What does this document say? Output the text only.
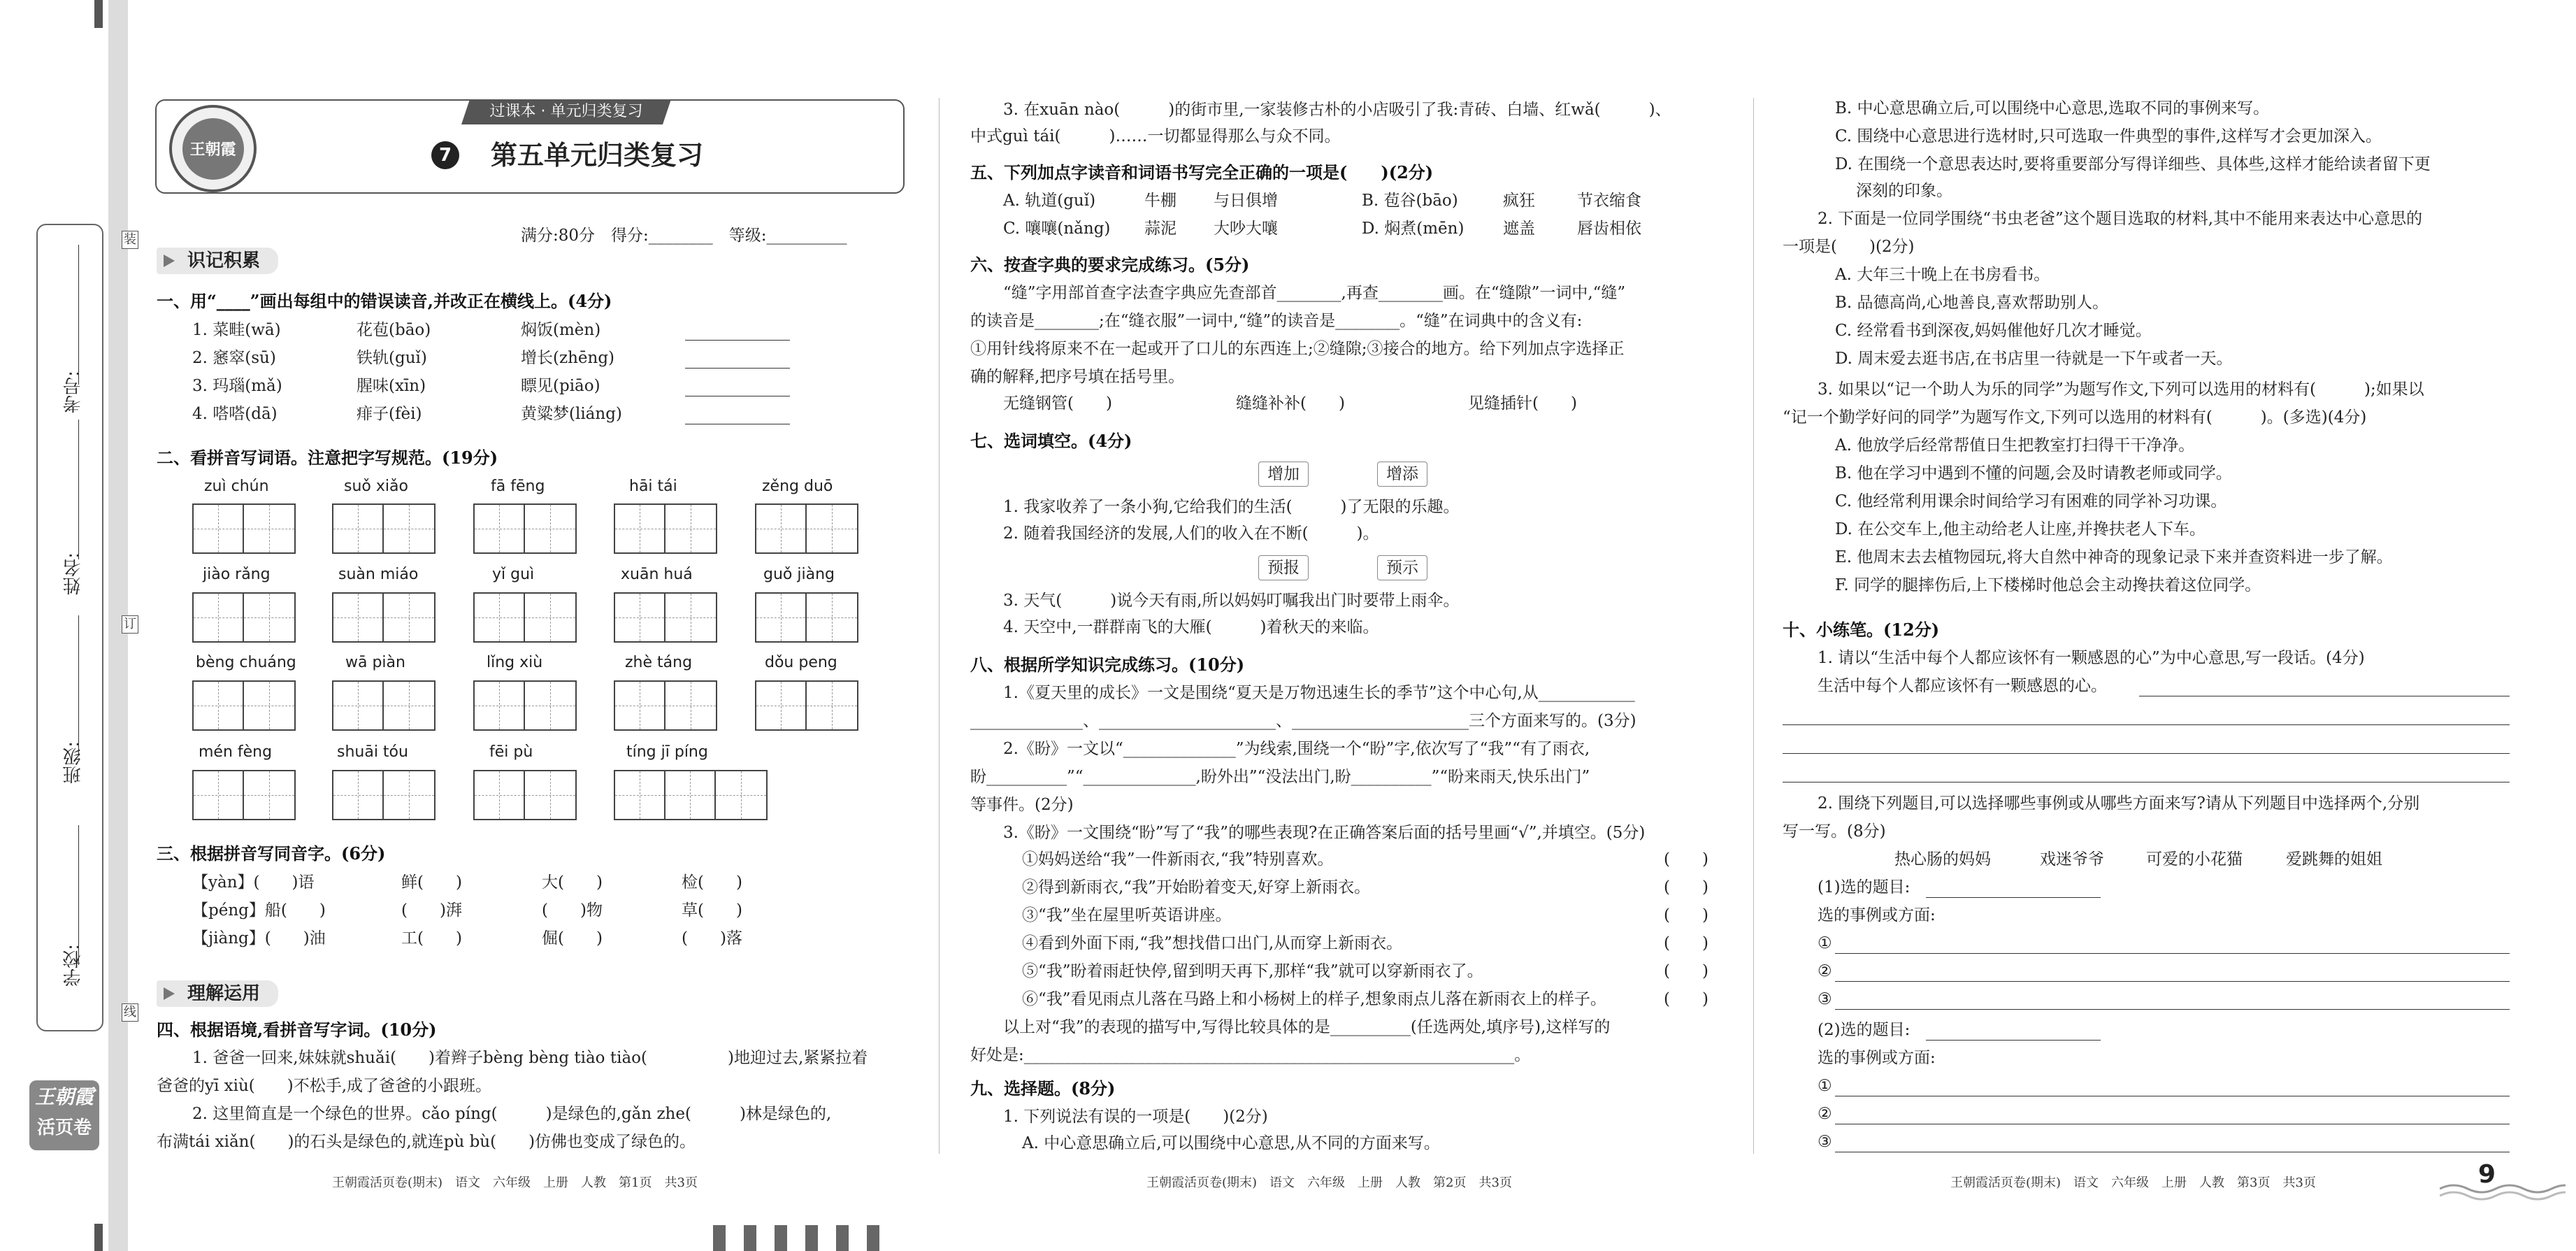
学校:
班级:
姓名:
考号:
装
订
线
王朝霞
活页卷
王朝霞
过课本 · 单元归类复习
7 第五单元归类复习
满分:80分　得分:________　等级:__________
识记积累
一、用“____”画出每组中的错误读音,并改正在横线上。(4分)
1. 菜畦(wā)	花苞(bāo)	焖饭(mèn)
2. 窸窣(sū)	铁轨(guǐ)	增长(zhēng)
3. 玛瑙(mǎ)	腥味(xīn)	瞟见(piāo)
4. 嗒嗒(dā)	痱子(fèi)	黄粱梦(liáng)
二、看拼音写词语。注意把字写规范。(19分)
zuì chún	suǒ xiǎo	fā fēng	hāi tái	zěng duō
jiào rǎng	suàn miáo	yǐ guì	xuān huá	guǒ jiàng
bèng chuáng	wā piàn	lǐng xiù	zhè táng	dǒu peng
mén fèng	shuāi tóu	fēi pù	tíng jī píng
三、根据拼音写同音字。(6分)
【yàn】(　　)语	鲜(　　)	大(　　)	检(　　)
【péng】船(　　)	(　　)湃	(　　)物	草(　　)
【jiàng】(　　)油	工(　　)	倔(　　)	(　　)落
理解运用
四、根据语境,看拼音写字词。(10分)
1. 爸爸一回来,妹妹就shuǎi(　　)着辫子bèng bèng tiào tiào(　　　　　)地迎过去,紧紧拉着
爸爸的yī xiù(　　)不松手,成了爸爸的小跟班。
2. 这里简直是一个绿色的世界。cǎo píng(　　　)是绿色的,gǎn zhe(　　　)林是绿色的,
布满tái xiǎn(　　)的石头是绿色的,就连pù bù(　　)仿佛也变成了绿色的。
王朝霞活页卷(期末)　语文　六年级　上册　人教　第1页　共3页
3. 在xuān nào(　　　)的街市里,一家装修古朴的小店吸引了我:青砖、白墙、红wǎ(　　　)、
中式guì tái(　　　)……一切都显得那么与众不同。
五、下列加点字读音和词语书写完全正确的一项是(　　)(2分)
A. 轨道(guǐ)	牛棚 与日俱增	B. 苞谷(bāo)	疯狂	节衣缩食
C. 嚷嚷(nǎng) 蒜泥 大吵大嚷	D. 焖煮(mēn) 遮盖	唇齿相依
六、按查字典的要求完成练习。(5分)
“缝”字用部首查字法查字典应先查部首________,再查________画。在“缝隙”一词中,“缝”
的读音是________;在“缝衣服”一词中,“缝”的读音是________。“缝”在词典中的含义有:
①用针线将原来不在一起或开了口儿的东西连上;②缝隙;③接合的地方。给下列加点字选择正
确的解释,把序号填在括号里。
无缝钢管(　　)	缝缝补补(　　)	见缝插针(　　)
七、选词填空。(4分)
增加	增添
1. 我家收养了一条小狗,它给我们的生活(　　　)了无限的乐趣。
2. 随着我国经济的发展,人们的收入在不断(　　　)。
预报	预示
3. 天气(　　　)说今天有雨,所以妈妈叮嘱我出门时要带上雨伞。
4. 天空中,一群群南飞的大雁(　　　)着秋天的来临。
八、根据所学知识完成练习。(10分)
1.《夏天里的成长》一文是围绕“夏天是万物迅速生长的季节”这个中心句,从____________
______________、______________________、______________________三个方面来写的。(3分)
2.《盼》一文以“______________”为线索,围绕一个“盼”字,依次写了“我”“有了雨衣,
盼__________”“______________,盼外出”“没法出门,盼__________”“盼来雨天,快乐出门”
等事件。(2分)
3.《盼》一文围绕“盼”写了“我”的哪些表现?在正确答案后面的括号里画“√”,并填空。(5分)
①妈妈送给“我”一件新雨衣,“我”特别喜欢。	(　　)
②得到新雨衣,“我”开始盼着变天,好穿上新雨衣。	(　　)
③“我”坐在屋里听英语讲座。	(　　)
④看到外面下雨,“我”想找借口出门,从而穿上新雨衣。	(　　)
⑤“我”盼着雨赶快停,留到明天再下,那样“我”就可以穿新雨衣了。	(　　)
⑥“我”看见雨点儿落在马路上和小杨树上的样子,想象雨点儿落在新雨衣上的样子。	(　　)
以上对“我”的表现的描写中,写得比较具体的是__________(任选两处,填序号),这样写的
好处是:_____________________________________________________________。
九、选择题。(8分)
1. 下列说法有误的一项是(　　)(2分)
A. 中心意思确立后,可以围绕中心意思,从不同的方面来写。
王朝霞活页卷(期末)　语文　六年级　上册　人教　第2页　共3页
B. 中心意思确立后,可以围绕中心意思,选取不同的事例来写。
C. 围绕中心意思进行选材时,只可选取一件典型的事件,这样写才会更加深入。
D. 在围绕一个意思表达时,要将重要部分写得详细些、具体些,这样才能给读者留下更
深刻的印象。
2. 下面是一位同学围绕“书虫老爸”这个题目选取的材料,其中不能用来表达中心意思的
一项是(　　)(2分)
A. 大年三十晚上在书房看书。
B. 品德高尚,心地善良,喜欢帮助别人。
C. 经常看书到深夜,妈妈催他好几次才睡觉。
D. 周末爱去逛书店,在书店里一待就是一下午或者一天。
3. 如果以“记一个助人为乐的同学”为题写作文,下列可以选用的材料有(　　　);如果以
“记一个勤学好问的同学”为题写作文,下列可以选用的材料有(　　　)。(多选)(4分)
A. 他放学后经常帮值日生把教室打扫得干干净净。
B. 他在学习中遇到不懂的问题,会及时请教老师或同学。
C. 他经常利用课余时间给学习有困难的同学补习功课。
D. 在公交车上,他主动给老人让座,并搀扶老人下车。
E. 他周末去去植物园玩,将大自然中神奇的现象记录下来并查资料进一步了解。
F. 同学的腿摔伤后,上下楼梯时他总会主动搀扶着这位同学。
十、小练笔。(12分)
1. 请以“生活中每个人都应该怀有一颗感恩的心”为中心意思,写一段话。(4分)
生活中每个人都应该怀有一颗感恩的心。
2. 围绕下列题目,可以选择哪些事例或从哪些方面来写?请从下列题目中选择两个,分别
写一写。(8分)
热心肠的妈妈	戏迷爷爷	可爱的小花猫	爱跳舞的姐姐
(1)选的题目:
选的事例或方面:
①
②
③
(2)选的题目:
选的事例或方面:
①
②
③
王朝霞活页卷(期末)　语文　六年级　上册　人教　第3页　共3页	9
